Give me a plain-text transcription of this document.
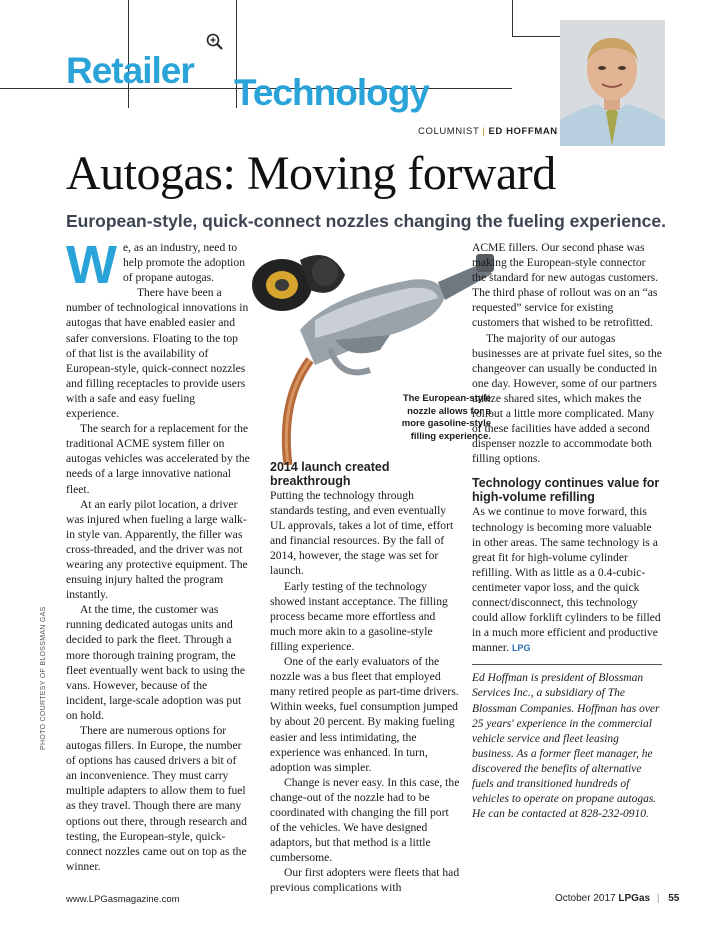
Retailer
Technology
COLUMNIST | ED HOFFMAN
Autogas: Moving forward
European-style, quick-connect nozzles changing the fueling experience.
The European-style nozzle allows for a more gasoline-style filling experience.
PHOTO COURTESY OF BLOSSMAN GAS

We, as an industry, need to help promote the adoption of propane autogas.

There have been a number of technological innovations in autogas that have enabled easier and safer conversions. Floating to the top of that list is the availability of European-style, quick-connect nozzles and filling receptacles to provide users with a safe and easy fueling experience.

The search for a replacement for the traditional ACME system filler on autogas vehicles was accelerated by the needs of a large innovative national fleet.

At an early pilot location, a driver was injured when fueling a large walk-in style van. Apparently, the filler was cross-threaded, and the driver was not wearing any protective equipment. The ensuing injury halted the program instantly.

At the time, the customer was running dedicated autogas units and decided to park the fleet. Through a more thorough training program, the fleet eventually went back to using the vans. However, because of the incident, large-scale adoption was put on hold.

There are numerous options for autogas fillers. In Europe, the number of options has caused drivers a bit of an inconvenience. They must carry multiple adapters to allow them to fuel as they travel. Though there are many options out there, through research and testing, the European-style, quick-connect nozzles came out on top as the winner.

2014 launch created breakthrough

Putting the technology through standards testing, and even eventually UL approvals, takes a lot of time, effort and financial resources. By the fall of 2014, however, the stage was set for launch.

Early testing of the technology showed instant acceptance. The filling process became more effortless and much more akin to a gasoline-style filling experience.

One of the early evaluators of the nozzle was a bus fleet that employed many retired people as part-time drivers. Within weeks, fuel consumption jumped by about 20 percent. By making fueling easier and less intimidating, the experience was enhanced. In turn, adoption was simpler.

Change is never easy. In this case, the change-out of the nozzle had to be coordinated with changing the fill port of the vehicles. We have designed adaptors, but that method is a little cumbersome.

Our first adopters were fleets that had previous complications with

ACME fillers. Our second phase was making the European-style connector the standard for new autogas customers. The third phase of rollout was on an “as requested” service for existing customers that wished to be retrofitted.

The majority of our autogas businesses are at private fuel sites, so the changeover can usually be conducted in one day. However, some of our partners utilize shared sites, which makes the rollout a little more complicated. Many of these facilities have added a second dispenser nozzle to accommodate both filling options.

Technology continues value for high-volume refilling

As we continue to move forward, this technology is becoming more valuable in other areas. The same technology is a great fit for high-volume cylinder refilling. With as little as a 0.4-cubic-centimeter vapor loss, and the quick connect/disconnect, this technology could allow forklift cylinders to be filled in a much more efficient and productive manner. LPG

Ed Hoffman is president of Blossman Services Inc., a subsidiary of The Blossman Companies. Hoffman has over 25 years' experience in the commercial vehicle service and fleet leasing business. As a former fleet manager, he discovered the benefits of alternative fuels and transitioned hundreds of vehicles to operate on propane autogas. He can be contacted at 828-232-0910.

www.LPGasmagazine.com	October 2017 LPGas | 55
